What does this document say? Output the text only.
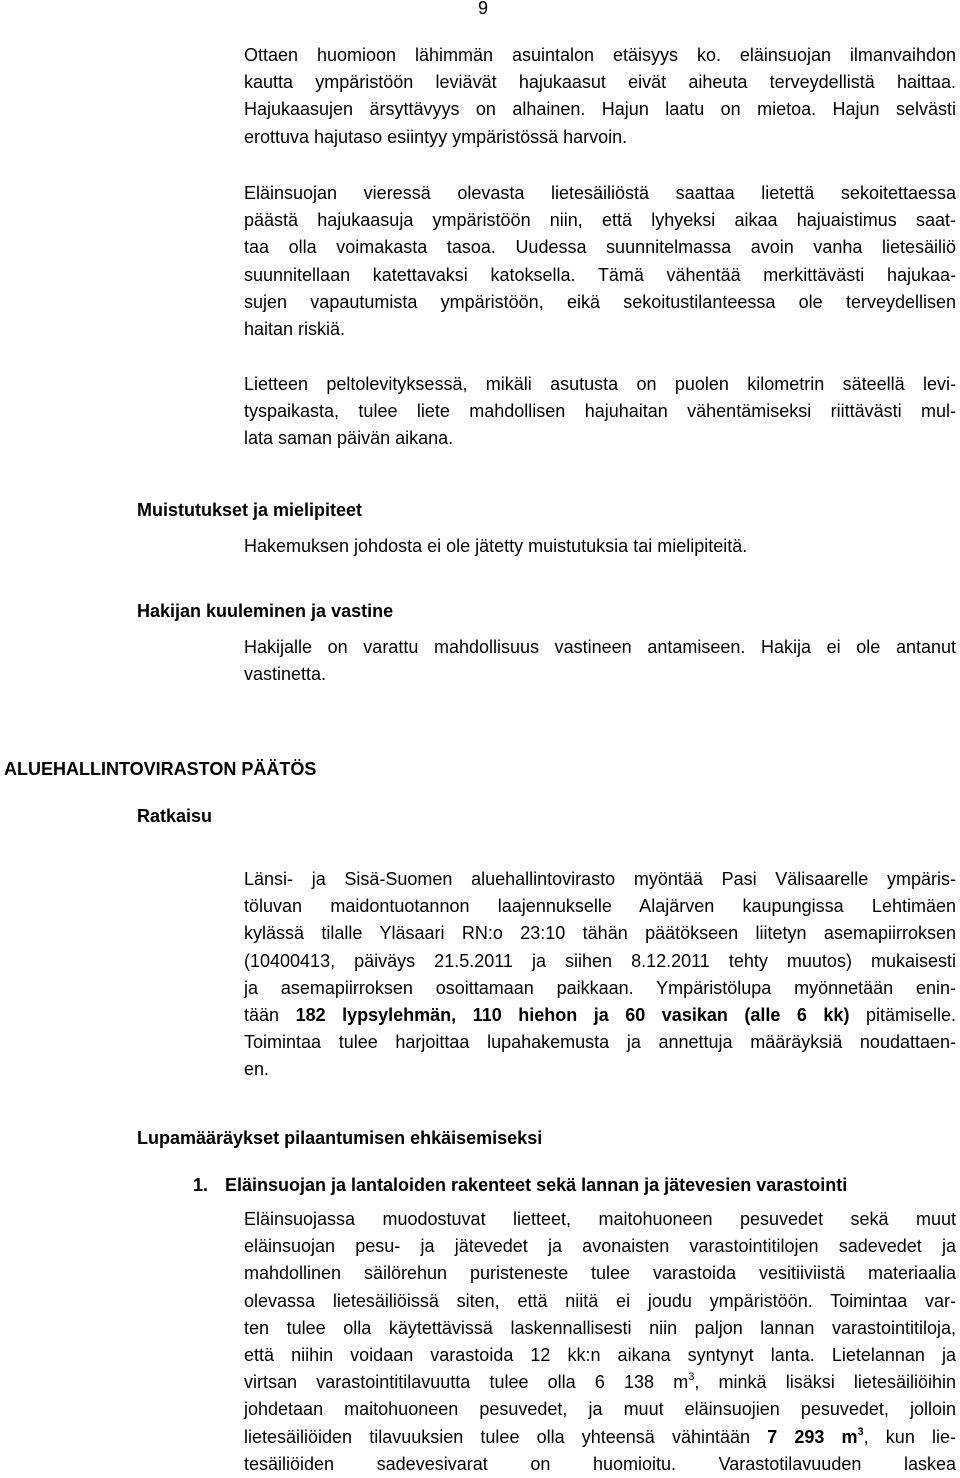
9
Ottaen huomioon lähimmän asuintalon etäisyys ko. eläinsuojan ilmanvaihdon
kautta ympäristöön leviävät hajukaasut eivät aiheuta terveydellistä haittaa.
Hajukaasujen ärsyttävyys on alhainen. Hajun laatu on mietoa. Hajun selvästi
erottuva hajutaso esiintyy ympäristössä harvoin.
Eläinsuojan vieressä olevasta lietesäiliöstä saattaa lietettä sekoitettaessa
päästä hajukaasuja ympäristöön niin, että lyhyeksi aikaa hajuaistimus saat-
taa olla voimakasta tasoa. Uudessa suunnitelmassa avoin vanha lietesäiliö
suunnitellaan katettavaksi katoksella. Tämä vähentää merkittävästi hajukaa-
sujen vapautumista ympäristöön, eikä sekoitustilanteessa ole terveydellisen
haitan riskiä.
Lietteen peltolevityksessä, mikäli asutusta on puolen kilometrin säteellä levi-
tyspaikasta, tulee liete mahdollisen hajuhaitan vähentämiseksi riittävästi mul-
lata saman päivän aikana.
Muistutukset ja mielipiteet
Hakemuksen johdosta ei ole jätetty muistutuksia tai mielipiteitä.
Hakijan kuuleminen ja vastine
Hakijalle on varattu mahdollisuus vastineen antamiseen. Hakija ei ole antanut
vastinetta.
ALUEHALLINTOVIRASTON PÄÄTÖS
Ratkaisu
Länsi- ja Sisä-Suomen aluehallintovirasto myöntää Pasi Välisaarelle ympäris-
töluvan maidontuotannon laajennukselle Alajärven kaupungissa Lehtimäen
kylässä tilalle Yläsaari RN:o 23:10 tähän päätökseen liitetyn asemapiirroksen
(10400413, päiväys 21.5.2011 ja siihen 8.12.2011 tehty muutos) mukaisesti
ja asemapiirroksen osoittamaan paikkaan. Ympäristölupa myönnetään enin-
tään 182 lypsylehmän, 110 hiehon ja 60 vasikan (alle 6 kk) pitämiselle.
Toimintaa tulee harjoittaa lupahakemusta ja annettuja määräyksiä noudattaen-
en.
Lupamääräykset pilaantumisen ehkäisemiseksi
1. Eläinsuojan ja lantaloiden rakenteet sekä lannan ja jätevesien varastointi
Eläinsuojassa muodostuvat lietteet, maitohuoneen pesuvedet sekä muut
eläinsuojan pesu- ja jätevedet ja avonaisten varastointitilojen sadevedet ja
mahdollinen säilörehun puristeneste tulee varastoida vesitiiviistä materiaalia
olevassa lietesäiliöissä siten, että niitä ei joudu ympäristöön. Toimintaa var-
ten tulee olla käytettävissä laskennallisesti niin paljon lannan varastointitiloja,
että niihin voidaan varastoida 12 kk:n aikana syntynyt lanta. Lietelannan ja
virtsan varastointitilavuutta tulee olla 6 138 $m^3$, minkä lisäksi lietesäiliöihin
johdetaan maitohuoneen pesuvedet, ja muut eläinsuojien pesuvedet, jolloin
lietesäiliöiden tilavuuksien tulee olla yhteensä vähintään 7 293 $m^3$, kun lie-
tesäiliöiden sadevesivarat on huomioitu. Varastotilavuuden laskea
